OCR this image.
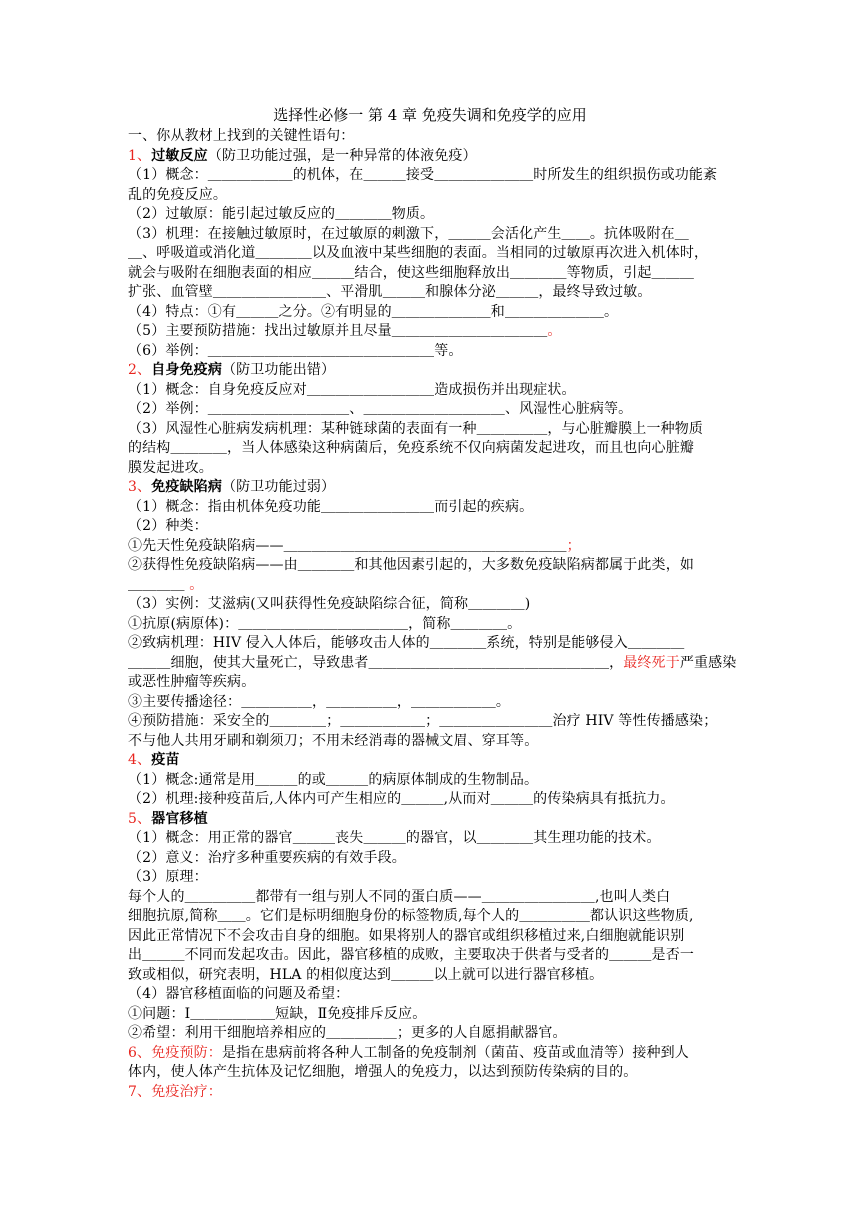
选择性必修一 第 4 章 免疫失调和免疫学的应用
一、你从教材上找到的关键性语句：
1、过敏反应（防卫功能过强，是一种异常的体液免疫）
（1）概念：＿＿＿＿＿＿的机体，在＿＿＿接受＿＿＿＿＿＿＿时所发生的组织损伤或功能紊
乱的免疫反应。
（2）过敏原：能引起过敏反应的＿＿＿＿物质。
（3）机理：在接触过敏原时，在过敏原的刺激下，＿＿＿会活化产生＿＿。抗体吸附在＿
＿、呼吸道或消化道＿＿＿＿以及血液中某些细胞的表面。当相同的过敏原再次进入机体时，
就会与吸附在细胞表面的相应＿＿＿结合，使这些细胞释放出＿＿＿＿等物质，引起＿＿＿
扩张、血管壁＿＿＿＿＿＿＿＿、平滑肌＿＿＿和腺体分泌＿＿＿，最终导致过敏。
（4）特点：①有＿＿＿之分。②有明显的＿＿＿＿＿＿＿和＿＿＿＿＿＿＿。
（5）主要预防措施：找出过敏原并且尽量＿＿＿＿＿＿＿＿＿＿＿。
（6）举例：＿＿＿＿＿＿＿＿＿＿＿＿＿＿＿＿等。
2、自身免疫病（防卫功能出错）
（1）概念：自身免疫反应对＿＿＿＿＿＿＿＿＿造成损伤并出现症状。
（2）举例：＿＿＿＿＿＿＿＿＿＿、＿＿＿＿＿＿＿＿＿＿、风湿性心脏病等。
（3）风湿性心脏病发病机理：某种链球菌的表面有一种＿＿＿＿＿，与心脏瓣膜上一种物质
的结构＿＿＿＿，当人体感染这种病菌后，免疫系统不仅向病菌发起进攻，而且也向心脏瓣
膜发起进攻。
3、免疫缺陷病（防卫功能过弱）
（1）概念：指由机体免疫功能＿＿＿＿＿＿＿＿而引起的疾病。
（2）种类：
①先天性免疫缺陷病——＿＿＿＿＿＿＿＿＿＿＿＿＿＿＿＿＿＿＿＿；
②获得性免疫缺陷病——由＿＿＿＿和其他因素引起的，大多数免疫缺陷病都属于此类，如
＿＿＿＿ 。
（3）实例：艾滋病(又叫获得性免疫缺陷综合征，简称＿＿＿＿)
①抗原(病原体)：＿＿＿＿＿＿＿＿＿＿＿＿，简称＿＿＿＿。
②致病机理：HIV 侵入人体后，能够攻击人体的＿＿＿＿系统，特别是能够侵入＿＿＿＿
＿＿＿细胞，使其大量死亡，导致患者＿＿＿＿＿＿＿＿＿＿＿＿＿＿＿＿＿，最终死于严重感染
或恶性肿瘤等疾病。
③主要传播途径：＿＿＿＿＿，＿＿＿＿＿，＿＿＿＿＿＿。
④预防措施：采安全的＿＿＿＿；＿＿＿＿＿＿；＿＿＿＿＿＿＿＿治疗 HIV 等性传播感染；
不与他人共用牙刷和剃须刀；不用未经消毒的器械文眉、穿耳等。
4、疫苗
（1）概念:通常是用＿＿＿的或＿＿＿的病原体制成的生物制品。
（2）机理:接种疫苗后,人体内可产生相应的＿＿＿,从而对＿＿＿的传染病具有抵抗力。
5、器官移植
（1）概念：用正常的器官＿＿＿丧失＿＿＿的器官，以＿＿＿＿其生理功能的技术。
（2）意义：治疗多种重要疾病的有效手段。
（3）原理：
每个人的＿＿＿＿＿都带有一组与别人不同的蛋白质——＿＿＿＿＿＿＿＿,也叫人类白
细胞抗原,简称＿＿。它们是标明细胞身份的标签物质,每个人的＿＿＿＿＿都认识这些物质,
因此正常情况下不会攻击自身的细胞。如果将别人的器官或组织移植过来,白细胞就能识别
出＿＿＿不同而发起攻击。因此，器官移植的成败，主要取决于供者与受者的＿＿＿是否一
致或相似，研究表明，HLA 的相似度达到＿＿＿以上就可以进行器官移植。
（4）器官移植面临的问题及希望：
①问题：Ⅰ＿＿＿＿＿＿短缺，Ⅱ免疫排斥反应。
②希望：利用干细胞培养相应的＿＿＿＿＿；更多的人自愿捐献器官。
6、免疫预防：是指在患病前将各种人工制备的免疫制剂（菌苗、疫苗或血清等）接种到人
体内，使人体产生抗体及记忆细胞，增强人的免疫力，以达到预防传染病的目的。
7、免疫治疗：
